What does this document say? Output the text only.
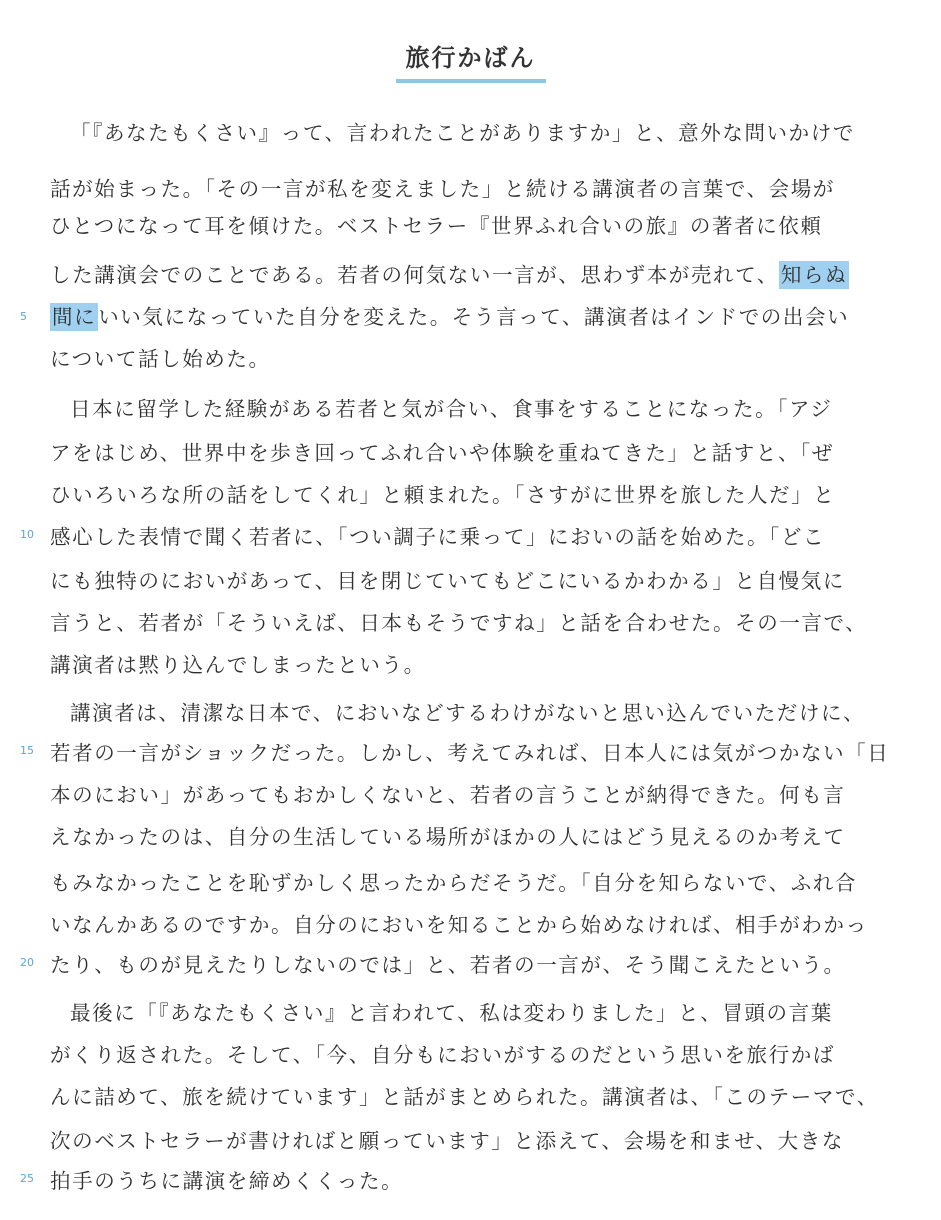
旅行かばん
「『あなたもくさい』って、言われたことがありますか」と、意外な問いかけで
話が始まった。「その一言が私を変えました」と続ける講演者の言葉で、会場が
ひとつになって耳を傾けた。ベストセラー『世界ふれ合いの旅』の著者に依頼
した講演会でのことである。若者の何気ない一言が、思わず本が売れて、知らぬ
5 間にいい気になっていた自分を変えた。そう言って、講演者はインドでの出会い
について話し始めた。
日本に留学した経験がある若者と気が合い、食事をすることになった。「アジ
アをはじめ、世界中を歩き回ってふれ合いや体験を重ねてきた」と話すと、「ぜ
ひいろいろな所の話をしてくれ」と頼まれた。「さすがに世界を旅した人だ」と
10 感心した表情で聞く若者に、「つい調子に乗って」においの話を始めた。「どこ
にも独特のにおいがあって、目を閉じていてもどこにいるかわかる」と自慢気に
言うと、若者が「そういえば、日本もそうですね」と話を合わせた。その一言で、
講演者は黙り込んでしまったという。
講演者は、清潔な日本で、においなどするわけがないと思い込んでいただけに、
15 若者の一言がショックだった。しかし、考えてみれば、日本人には気がつかない「日
本のにおい」があってもおかしくないと、若者の言うことが納得できた。何も言
えなかったのは、自分の生活している場所がほかの人にはどう見えるのか考えて
もみなかったことを恥ずかしく思ったからだそうだ。「自分を知らないで、ふれ合
いなんかあるのですか。自分のにおいを知ることから始めなければ、相手がわかっ
20 たり、ものが見えたりしないのでは」と、若者の一言が、そう聞こえたという。
最後に「『あなたもくさい』と言われて、私は変わりました」と、冒頭の言葉
がくり返された。そして、「今、自分もにおいがするのだという思いを旅行かば
んに詰めて、旅を続けています」と話がまとめられた。講演者は、「このテーマで、
次のベストセラーが書ければと願っています」と添えて、会場を和ませ、大きな
25 拍手のうちに講演を締めくくった。
